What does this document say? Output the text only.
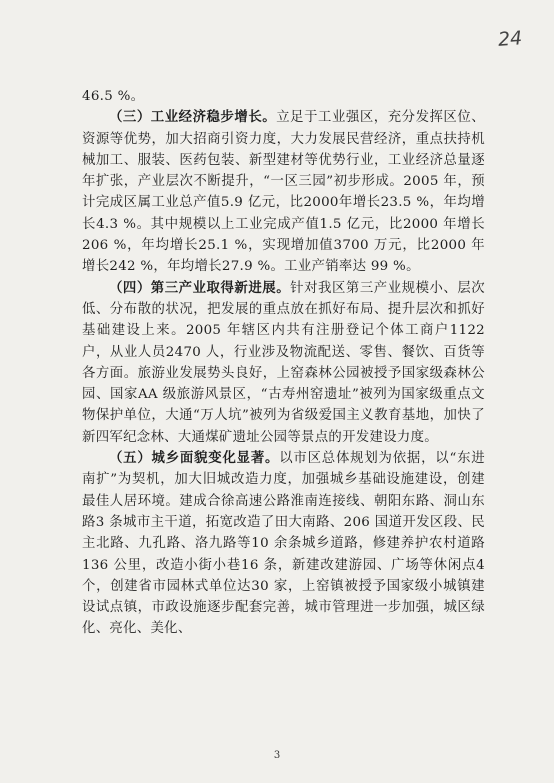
24

46.5 %。

（三）工业经济稳步增长。立足于工业强区，充分发挥区位、资源等优势，加大招商引资力度，大力发展民营经济，重点扶持机械加工、服装、医药包装、新型建材等优势行业，工业经济总量逐年扩张，产业层次不断提升，“一区三园”初步形成。2005 年，预计完成区属工业总产值5.9 亿元，比2000年增长23.5 %，年均增长4.3 %。其中规模以上工业完成产值1.5 亿元，比2000 年增长206 %，年均增长25.1 %，实现增加值3700 万元，比2000 年增长242 %，年均增长27.9 %。工业产销率达 99 %。

（四）第三产业取得新进展。针对我区第三产业规模小、层次低、分布散的状况，把发展的重点放在抓好布局、提升层次和抓好基础建设上来。2005 年辖区内共有注册登记个体工商户1122 户，从业人员2470 人，行业涉及物流配送、零售、餐饮、百货等各方面。旅游业发展势头良好，上窑森林公园被授予国家级森林公园、国家AA 级旅游风景区，“古寿州窑遗址”被列为国家级重点文物保护单位，大通“万人坑”被列为省级爱国主义教育基地，加快了新四军纪念林、大通煤矿遗址公园等景点的开发建设力度。

（五）城乡面貌变化显著。以市区总体规划为依据，以“东进南扩”为契机，加大旧城改造力度，加强城乡基础设施建设，创建最佳人居环境。建成合徐高速公路淮南连接线、朝阳东路、洞山东路3 条城市主干道，拓宽改造了田大南路、206 国道开发区段、民主北路、九孔路、洛九路等10 余条城乡道路，修建养护农村道路136 公里，改造小街小巷16 条，新建改建游园、广场等休闲点4 个，创建省市园林式单位达30 家，上窑镇被授予国家级小城镇建设试点镇，市政设施逐步配套完善，城市管理进一步加强，城区绿化、亮化、美化、

3
